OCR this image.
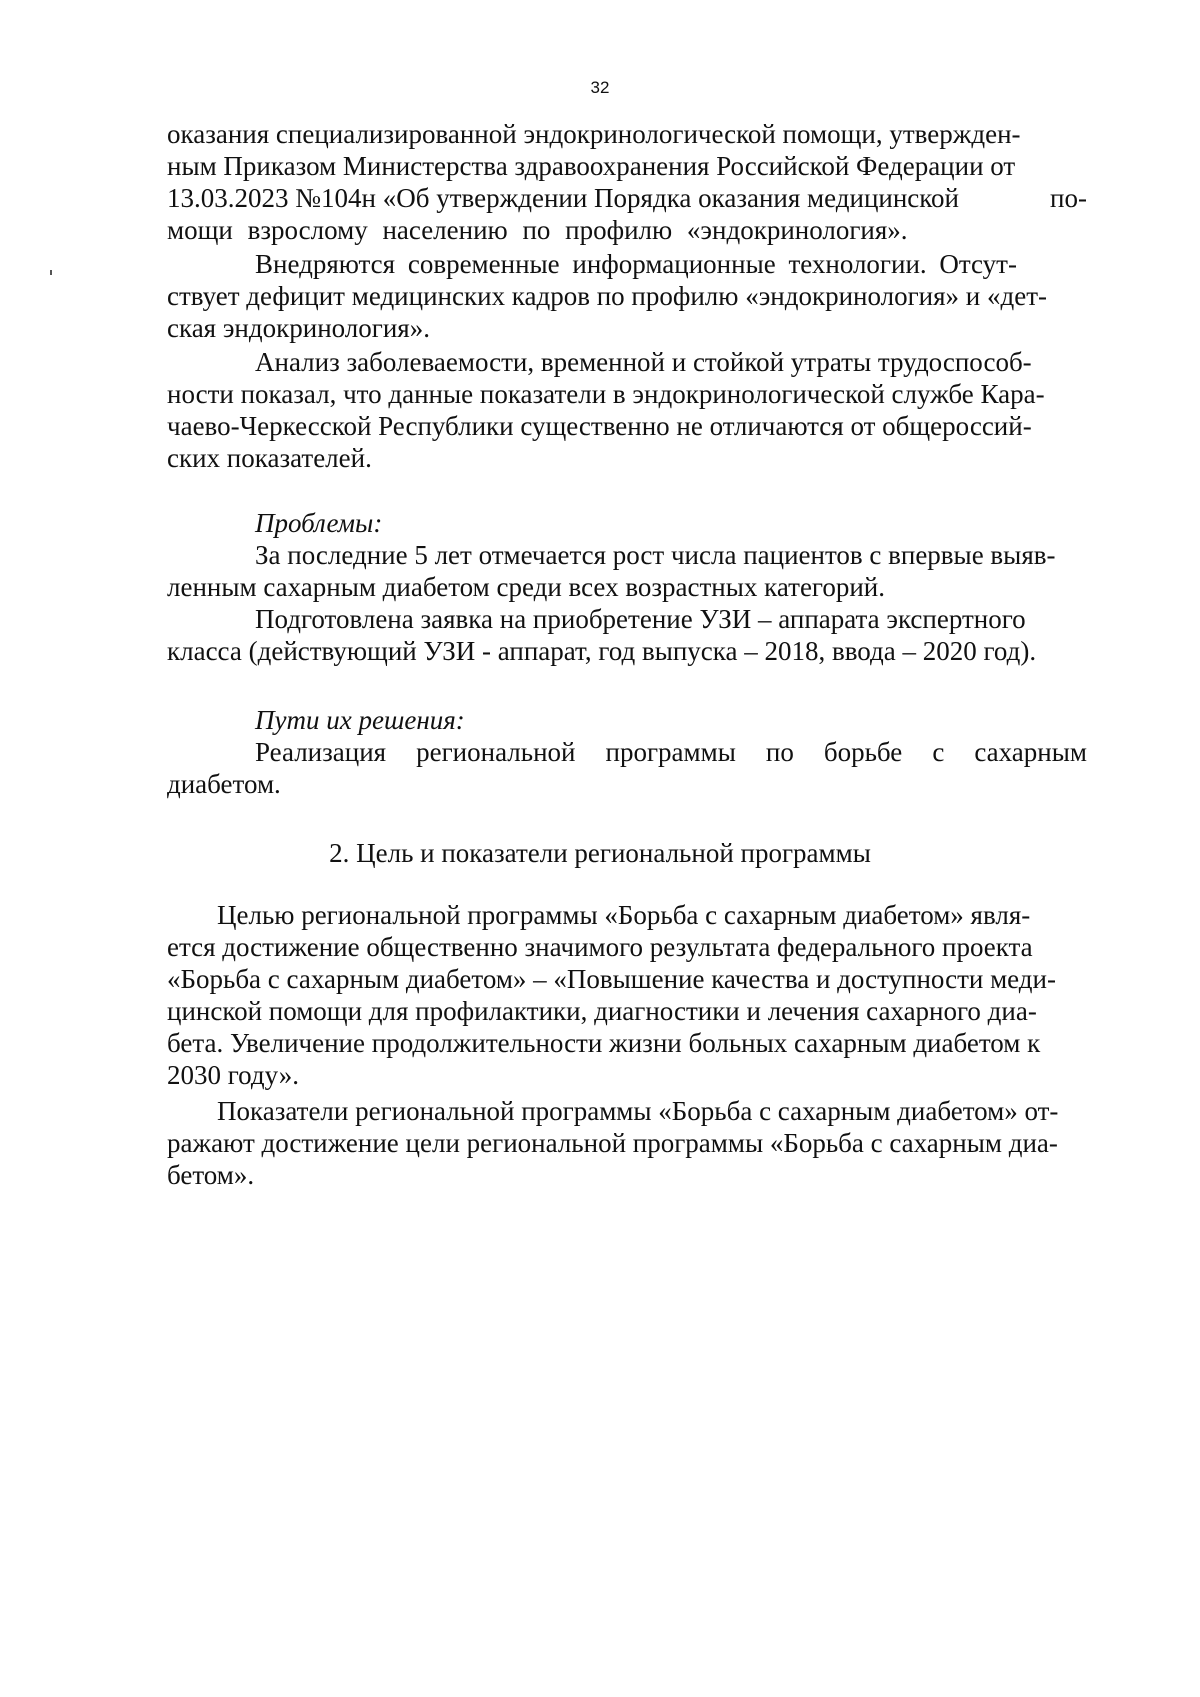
32
оказания специализированной эндокринологической помощи, утвержден-
ным Приказом Министерства здравоохранения Российской Федерации от
13.03.2023 №104н «Об утверждении Порядка оказания медицинской	по-
мощи взрослому населению по профилю «эндокринология».
Внедряются современные информационные технологии. Отсут-
ствует дефицит медицинских кадров по профилю «эндокринология» и «дет-
ская эндокринология».
Анализ заболеваемости, временной и стойкой утраты трудоспособ-
ности показал, что данные показатели в эндокринологической службе Кара-
чаево-Черкесской Республики существенно не отличаются от общероссий-
ских показателей.
Проблемы:
За последние 5 лет отмечается рост числа пациентов с впервые выяв-
ленным сахарным диабетом среди всех возрастных категорий.
Подготовлена заявка на приобретение УЗИ – аппарата экспертного
класса (действующий УЗИ - аппарат, год выпуска – 2018, ввода – 2020 год).
Пути их решения:
Реализация региональной программы по борьбе с сахарным
диабетом.
2. Цель и показатели региональной программы
Целью региональной программы «Борьба с сахарным диабетом» явля-
ется достижение общественно значимого результата федерального проекта
«Борьба с сахарным диабетом» – «Повышение качества и доступности меди-
цинской помощи для профилактики, диагностики и лечения сахарного диа-
бета. Увеличение продолжительности жизни больных сахарным диабетом к
2030 году».
Показатели региональной программы «Борьба с сахарным диабетом» от-
ражают достижение цели региональной программы «Борьба с сахарным диа-
бетом».
